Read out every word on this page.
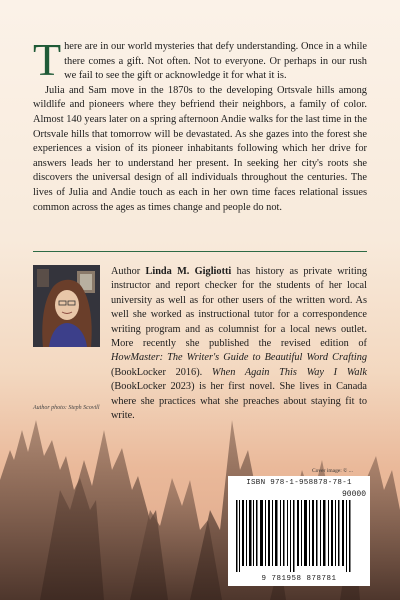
There are in our world mysteries that defy understanding. Once in a while there comes a gift. Not often. Not to everyone. Or perhaps in our rush we fail to see the gift or acknowledge it for what it is.

Julia and Sam move in the 1870s to the developing Ortsvale hills among wildlife and pioneers where they befriend their neighbors, a family of color. Almost 140 years later on a spring afternoon Andie walks for the last time in the Ortsvale hills that tomorrow will be devastated. As she gazes into the forest she experiences a vision of its pioneer inhabitants following which her drive for answers leads her to understand her present. In seeking her city's roots she discovers the universal design of all individuals throughout the centuries. The lives of Julia and Andie touch as each in her own time faces relational issues common across the ages as times change and people do not.

Author Linda M. Gigliotti has history as private writing instructor and report checker for the students of her local university as well as for other users of the written word. As well she worked as instructional tutor for a correspondence writing program and as columnist for a local news outlet. More recently she published the revised edition of HowMaster: The Writer's Guide to Beautiful Word Crafting (BookLocker 2016). When Again This Way I Walk (BookLocker 2023) is her first novel. She lives in Canada where she practices what she preaches about staying fit to write.
Author photo: Steph Scovill
Cover image: © ...
ISBN 978-1-958878-78-1
90000
9 781958 878781
